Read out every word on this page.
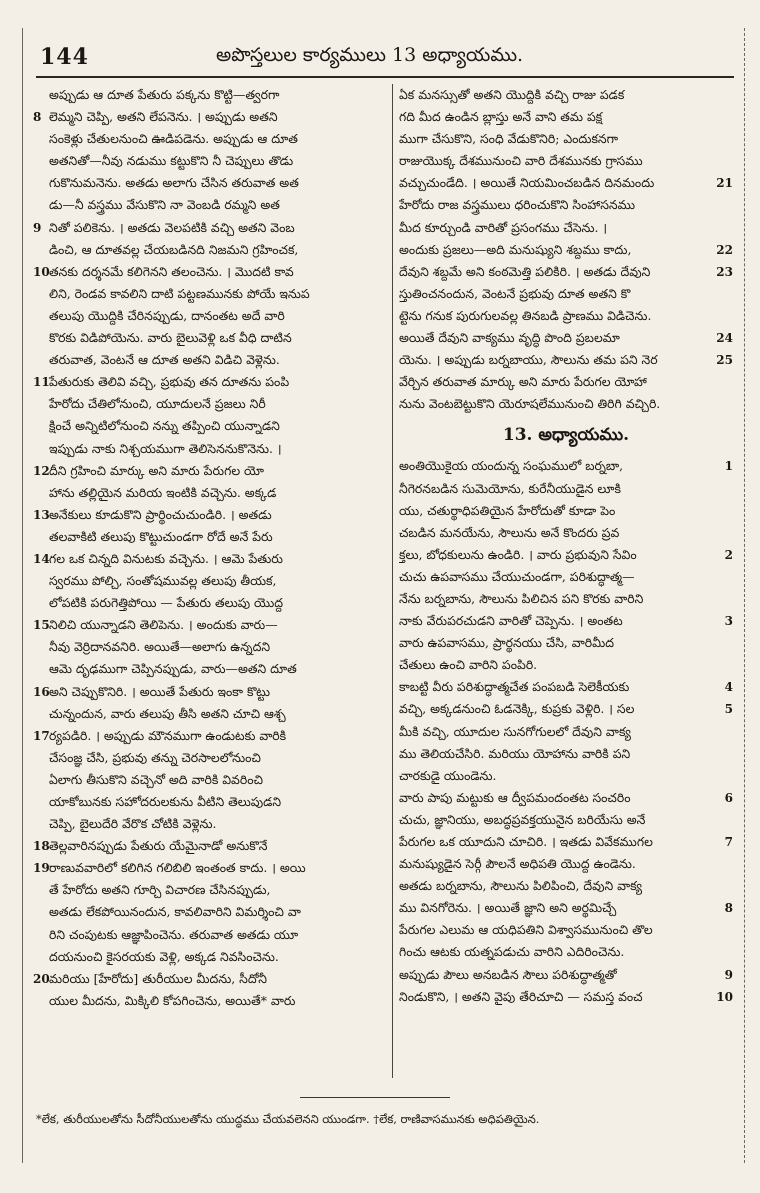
144	అపొస్తలుల కార్యములు 13 అధ్యాయము.
అప్పుడు ఆ దూత పేతురు పక్కను కొట్టి—త్వరగా
8 లెమ్మని చెప్పి, అతని లేపనెను. । అప్పుడు అతని
సంకెళ్లు చేతులనుంచి ఊడిపడెను. అప్పుడు ఆ దూత
అతనితో—నీవు నడుము కట్టుకొని నీ చెప్పులు తొడు
గుకొనుమనెను. అతడు అలాగు చేసిన తరువాత అత
డు—నీ వస్త్రము వేసుకొని నా వెంబడి రమ్మని అత
9 నితో పలికెను. । అతడు వెలపటికి వచ్చి అతని వెంబ
డించి, ఆ దూతవల్ల చేయబడినది నిజమని గ్రహించక,
10 తనకు దర్శనమే కలిగెనని తలంచెను. । మొదటి కావ
లిని, రెండవ కావలిని దాటి పట్టణమునకు పోయే ఇనుప
తలుపు యొద్దికి చేరినప్పుడు, దానంతట అదే వారి
కొరకు విడిపోయెను. వారు బైలువెళ్లి ఒక వీధి దాటిన
తరువాత, వెంటనే ఆ దూత అతని విడిచి వెళ్లెను.
11 పేతురుకు తెలివి వచ్చి, ప్రభువు తన దూతను పంపి
హేరోదు చేతిలోనుంచి, యూదులనే ప్రజలు నిరీ
క్షించే అన్నిటిలోనుంచి నన్ను తప్పించి యున్నాడని
ఇప్పుడు నాకు నిశ్చయముగా తెలిసెననుకొనెను. ।
12 దీని గ్రహించి మార్కు అని మారు పేరుగల యో
హాను తల్లియైన మరియ ఇంటికి వచ్చెను. అక్కడ
13 అనేకులు కూడుకొని ప్రార్థించుచుండిరి. । అతడు
తలవాకిటి తలుపు కొట్టుచుండగా రోదే అనే పేరు
14 గల ఒక చిన్నది వినుటకు వచ్చెను. । ఆమె పేతురు
స్వరము పోల్చి, సంతోషమువల్ల తలుపు తీయక,
లోపటికి పరుగెత్తిపోయి — పేతురు తలుపు యొద్ద
15 నిలిచి యున్నాడని తెలిపెను. । అందుకు వారు—
నీవు వెర్రిదానవనిరి. అయితే—అలాగు ఉన్నదని
ఆమె దృఢముగా చెప్పినప్పుడు, వారు—అతని దూత
16 అని చెప్పుకొనిరి. । అయితే పేతురు ఇంకా కొట్టు
చున్నందున, వారు తలుపు తీసి అతని చూచి ఆశ్చ
17 ర్యపడిరి. । అప్పుడు మౌనముగా ఉండుటకు వారికి
చేసంజ్ఞ చేసి, ప్రభువు తన్ను చెరసాలలోనుంచి
ఏలాగు తీసుకొని వచ్చెనో అది వారికి వివరించి
యాకోబునకు సహోదరులకును వీటిని తెలుపుడని
చెప్పి, బైలుదేరి వేరొక చోటికి వెళ్లెను.
18 తెల్లవారినప్పుడు పేతురు యేమైనాడో అనుకొనే
19 రాణువవారిలో కలిగిన గలిబిలి ఇంతంత కాదు. । అయి
తే హేరోదు అతని గూర్చి విచారణ చేసినప్పుడు,
అతడు లేకపోయినందున, కావలివారిని విమర్శించి వా
రిని చంపుటకు ఆజ్ఞాపించెను. తరువాత అతడు యూ
దయనుంచి కైసరయకు వెళ్లి, అక్కడ నివసించెను.
20 మరియు [హేరోదు] తురీయుల మీదను, సీదోనీ
యుల మీదను, మిక్కిలి కోపగించెను, అయితే* వారు
ఏక మనస్సుతో అతని యొద్దికి వచ్చి రాజు పడక
గది మీద ఉండిన బ్లాస్తు అనే వాని తమ పక్ష
ముగా చేసుకొని, సంధి వేడుకొనిరి; ఎందుకనగా
రాజుయొక్క దేశమునుంచి వారి దేశమునకు గ్రాసము
21
వచ్చుచుండేది. । అయితే నియమించబడిన దినమందు
హేరోదు రాజ వస్త్రములు ధరించుకొని సింహాసనము
మీద కూర్చుండి వారితో ప్రసంగము చేసెను. ।
22
అందుకు ప్రజలు—అది మనుష్యుని శబ్దము కాదు,
23
దేవుని శబ్దమే అని కంఠమెత్తి పలికిరి. । అతడు దేవుని
స్తుతించనందున, వెంటనే ప్రభువు దూత అతని కొ
ట్టెను గనుక పురుగులవల్ల తినబడి ప్రాణము విడిచెను.
24
అయితే దేవుని వాక్యము వృద్ధి పొంది ప్రబలమా
25
యెను. । అప్పుడు బర్నబాయు, సౌలును తమ పని నెర
వేర్చిన తరువాత మార్కు అని మారు పేరుగల యోహా
నును వెంటబెట్టుకొని యెరూషలేమునుంచి తిరిగి వచ్చిరి.
13. అధ్యాయము.
1
అంతియొకైయ యందున్న సంఘములో బర్నబా,
నీగెరనబడిన సుమెయోను, కురేనీయుడైన లూకి
యు, చతుర్థాధిపతియైన హేరోదుతో కూడా పెం
చబడిన మనయేను, సౌలును అనే కొందరు ప్రవ
2
క్తలు, బోధకులును ఉండిరి. । వారు ప్రభువుని సేవిం
చుచు ఉపవాసము చేయుచుండగా, పరిశుద్ధాత్మ—
నేను బర్నబాను, సౌలును పిలిచిన పని కొరకు వారిని
3
నాకు వేరుపరచుడని వారితో చెప్పెను. । అంతట
వారు ఉపవాసము, ప్రార్థనయు చేసి, వారిమీద
చేతులు ఉంచి వారిని పంపిరి.
4
కాబట్టి వీరు పరిశుద్ధాత్మచేత పంపబడి సెలెకీయకు
5
వచ్చి, అక్కడనుంచి ఓడనెక్కి, కుప్రకు వెళ్లిరి. । సల
మీకి వచ్చి, యూదుల సునగోగులలో దేవుని వాక్య
ము తెలియచేసిరి. మరియు యోహాను వారికి పని
చారకుడై యుండెను.
6
వారు పాపు మట్టుకు ఆ ద్వీపమందంతట సంచరిం
చుచు, జ్ఞానియు, అబద్ధప్రవక్తయునైన బరియేసు అనే
7
పేరుగల ఒక యూదుని చూచిరి. । ఇతడు వివేకముగల
మనుష్యుడైన సెర్గీ పౌలనే అధిపతి యొద్ద ఉండెను.
అతడు బర్నబాను, సౌలును పిలిపించి, దేవుని వాక్య
8
ము వినగోరెను. । అయితే జ్ఞాని అని అర్థమిచ్చే
పేరుగల ఎలుమ ఆ యధిపతిని విశ్వాసమునుంచి తొల
గించు ఆటకు యత్నపడుచు వారిని ఎదిరించెను.
9
అప్పుడు పౌలు అనబడిన సౌలు పరిశుద్ధాత్మతో
10
నిండుకొని, । అతని వైపు తేరిచూచి — సమస్త వంచ
*లేక, తురీయులతోను సీదోనీయులతోను యుద్ధము చేయవలెనని యుండగా. †లేక, రాణివాసమునకు అధిపతియైన.
